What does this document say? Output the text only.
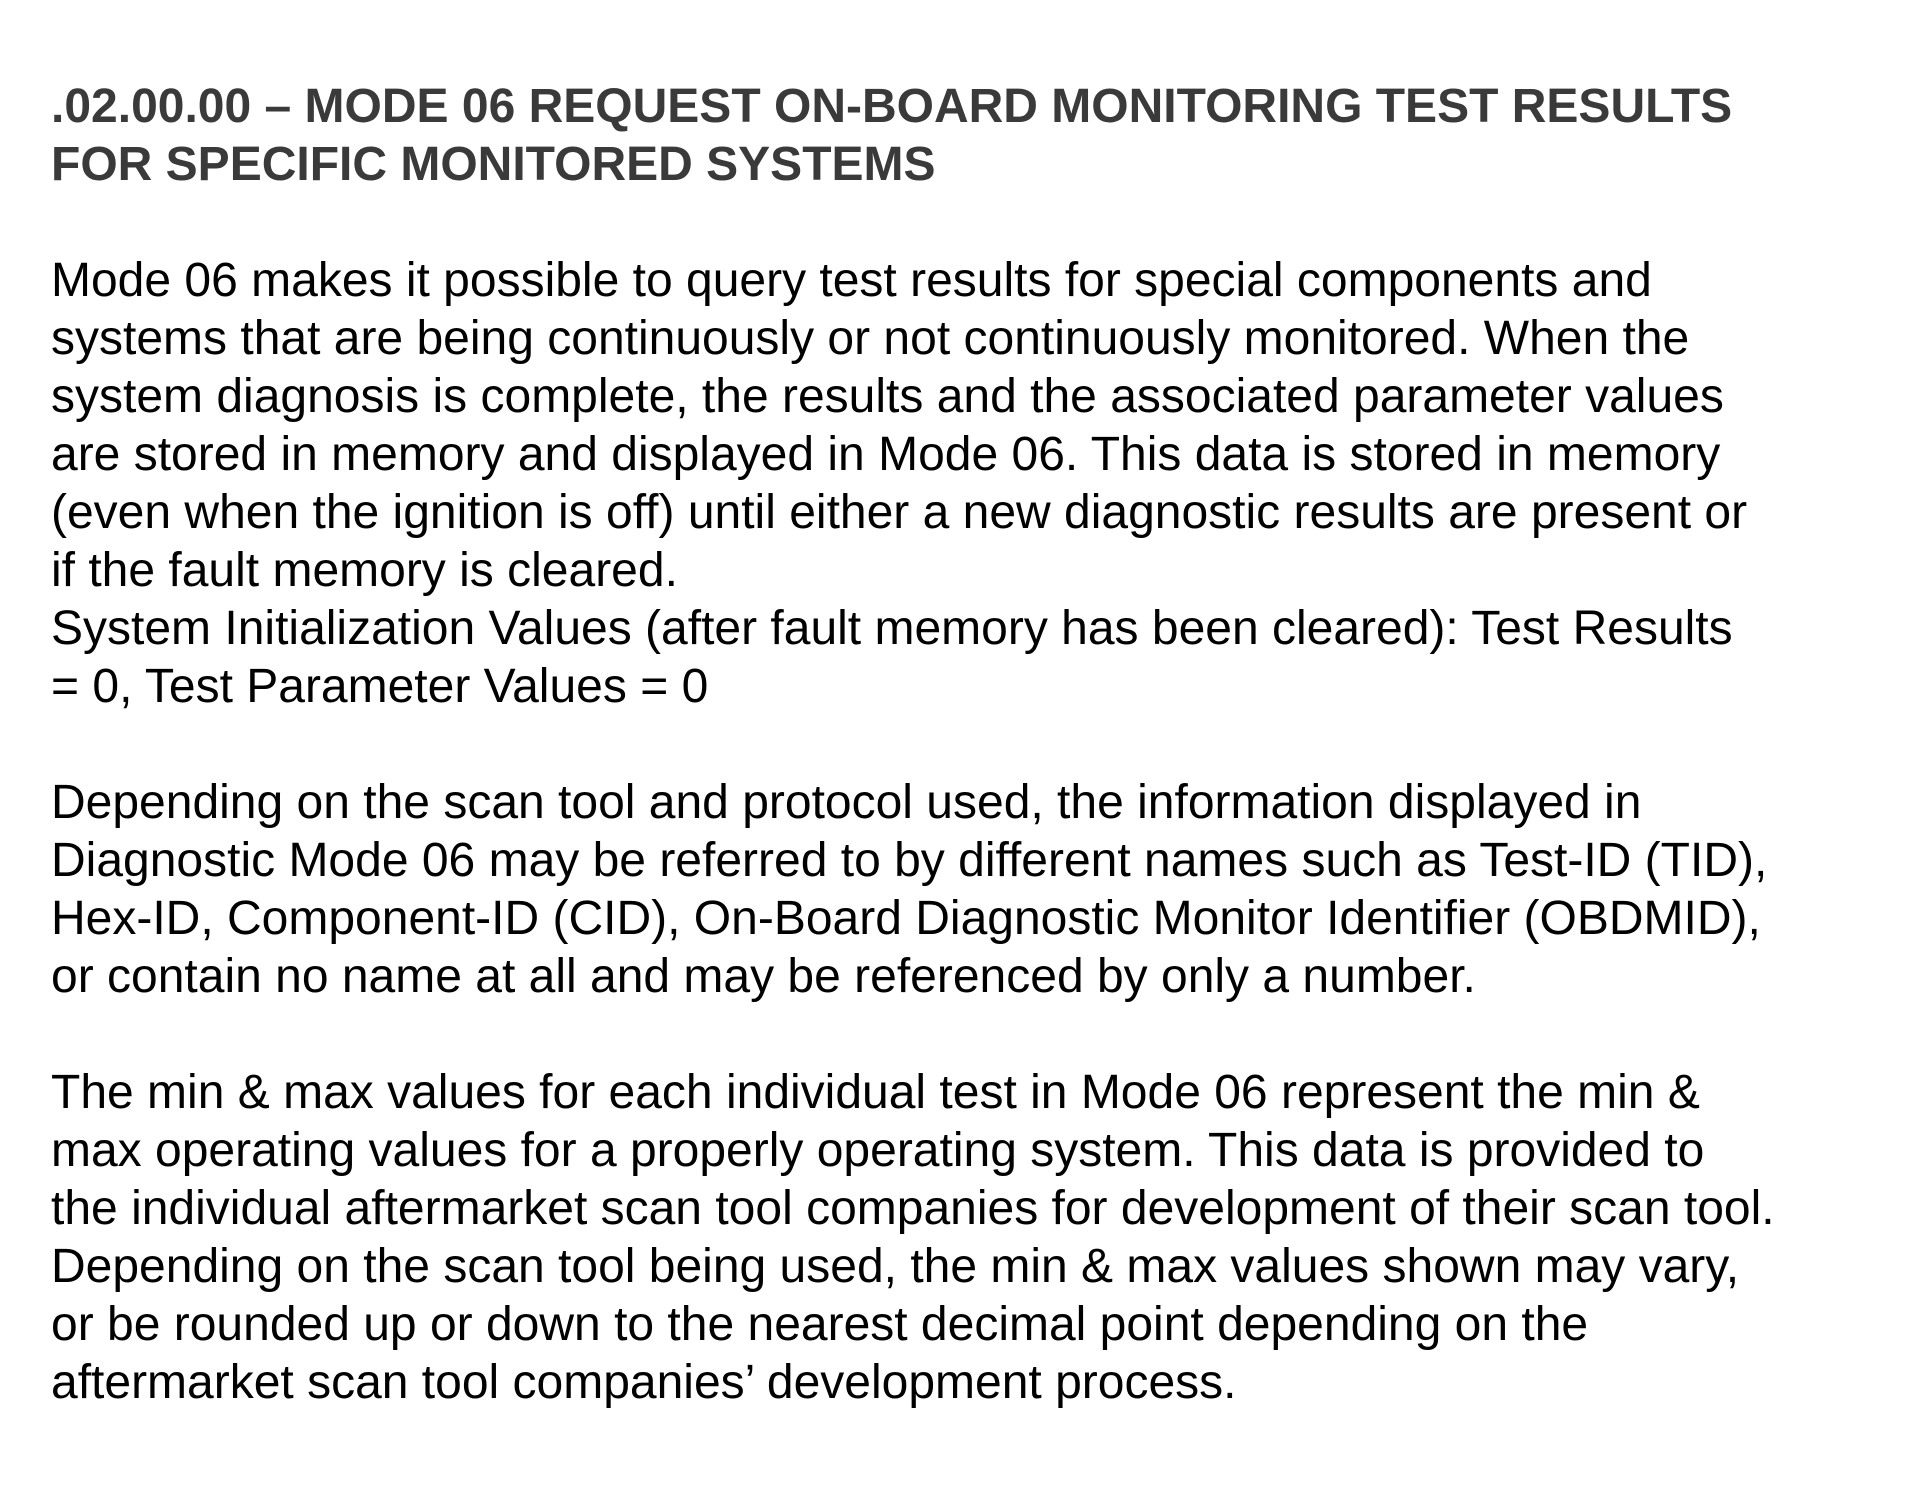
.02.00.00 – MODE 06 REQUEST ON-BOARD MONITORING TEST RESULTS
FOR SPECIFIC MONITORED SYSTEMS

Mode 06 makes it possible to query test results for special components and
systems that are being continuously or not continuously monitored. When the
system diagnosis is complete, the results and the associated parameter values
are stored in memory and displayed in Mode 06. This data is stored in memory
(even when the ignition is off) until either a new diagnostic results are present or
if the fault memory is cleared.
System Initialization Values (after fault memory has been cleared): Test Results
= 0, Test Parameter Values = 0

Depending on the scan tool and protocol used, the information displayed in
Diagnostic Mode 06 may be referred to by different names such as Test-ID (TID),
Hex-ID, Component-ID (CID), On-Board Diagnostic Monitor Identifier (OBDMID),
or contain no name at all and may be referenced by only a number.

The min & max values for each individual test in Mode 06 represent the min &
max operating values for a properly operating system. This data is provided to
the individual aftermarket scan tool companies for development of their scan tool.
Depending on the scan tool being used, the min & max values shown may vary,
or be rounded up or down to the nearest decimal point depending on the
aftermarket scan tool companies’ development process.
